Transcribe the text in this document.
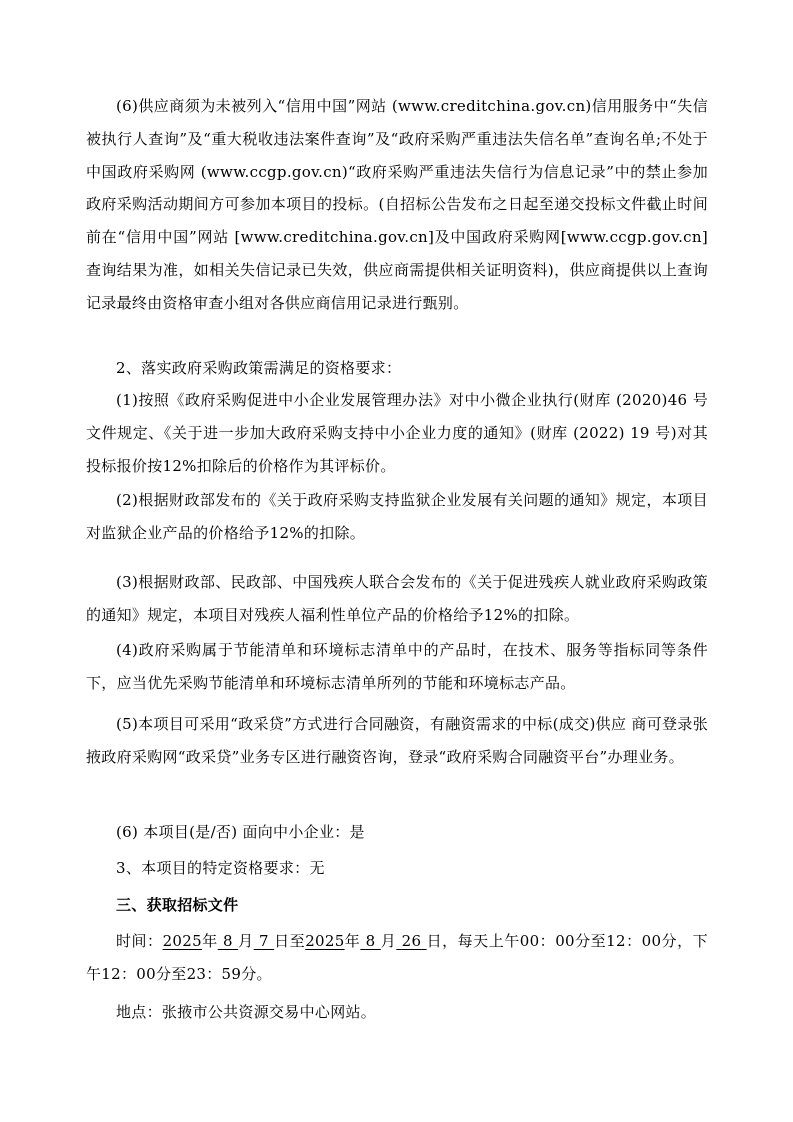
(6)供应商须为未被列入“信用中国”网站 (www.creditchina.gov.cn)信用服务中“失信被执行人查询”及“重大税收违法案件查询”及“政府采购严重违法失信名单”查询名单;不处于中国政府采购网 (www.ccgp.gov.cn)“政府采购严重违法失信行为信息记录”中的禁止参加政府采购活动期间方可参加本项目的投标。(自招标公告发布之日起至递交投标文件截止时间前在“信用中国”网站 [www.creditchina.gov.cn]及中国政府采购网[www.ccgp.gov.cn]查询结果为准，如相关失信记录已失效，供应商需提供相关证明资料)，供应商提供以上查询记录最终由资格审查小组对各供应商信用记录进行甄别。

2、落实政府采购政策需满足的资格要求：

(1)按照《政府采购促进中小企业发展管理办法》对中小微企业执行(财库 (2020)46 号文件规定、《关于进一步加大政府采购支持中小企业力度的通知》(财库 (2022) 19 号)对其投标报价按12%扣除后的价格作为其评标价。

(2)根据财政部发布的《关于政府采购支持监狱企业发展有关问题的通知》规定，本项目对监狱企业产品的价格给予12%的扣除。

(3)根据财政部、民政部、中国残疾人联合会发布的《关于促进残疾人就业政府采购政策的通知》规定，本项目对残疾人福利性单位产品的价格给予12%的扣除。

(4)政府采购属于节能清单和环境标志清单中的产品时，在技术、服务等指标同等条件下，应当优先采购节能清单和环境标志清单所列的节能和环境标志产品。

(5)本项目可采用“政采贷”方式进行合同融资，有融资需求的中标(成交)供应 商可登录张掖政府采购网“政采贷”业务专区进行融资咨询，登录“政府采购合同融资平台”办理业务。

(6) 本项目(是/否) 面向中小企业：是

3、本项目的特定资格要求：无

三、获取招标文件

时间：2025年 8 月 7 日至2025年 8 月 26 日，每天上午00：00分至12：00分，下午12：00分至23：59分。

地点：张掖市公共资源交易中心网站。
